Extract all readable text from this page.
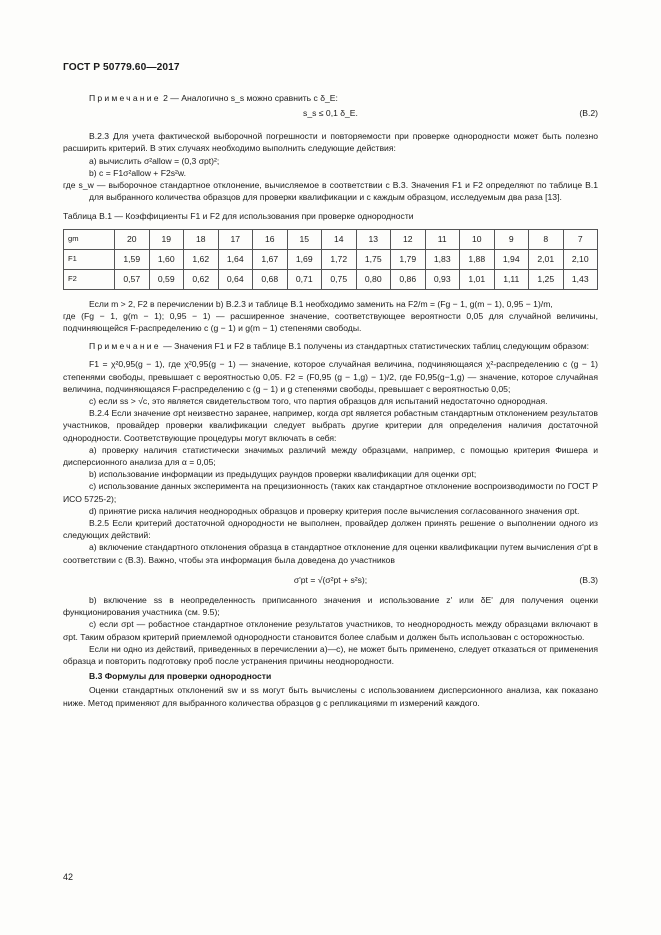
ГОСТ Р 50779.60—2017

Примечание 2 — Аналогично s_s можно сравнить с δ_E:

s_s ≤ 0,1 δ_E.	(B.2)

B.2.3 Для учета фактической выборочной погрешности и повторяемости при проверке однородности может быть полезно расширить критерий. В этих случаях необходимо выполнить следующие действия:

a) вычислить σ²allow = (0,3 σpt)²;

b) c = F1σ²allow + F2s²w.

где s_w — выборочное стандартное отклонение, вычисляемое в соответствии с B.3. Значения F1 и F2 определяют по таблице B.1 для выбранного количества образцов для проверки квалификации и с каждым образцом, исследуемым два раза [13].

Таблица B.1 — Коэффициенты F1 и F2 для использования при проверке однородности

gm	20	19	18	17	16	15	14	13	12	11	10	9	8	7
F1	1,59	1,60	1,62	1,64	1,67	1,69	1,72	1,75	1,79	1,83	1,88	1,94	2,01	2,10
F2	0,57	0,59	0,62	0,64	0,68	0,71	0,75	0,80	0,86	0,93	1,01	1,11	1,25	1,43

Если m > 2, F2 в перечислении b) B.2.3 и таблице B.1 необходимо заменить на F2/m = (Fg − 1, g(m − 1), 0,95 − 1)/m,

где (Fg − 1, g(m − 1); 0,95 − 1) — расширенное значение, соответствующее вероятности 0,05 для случайной величины, подчиняющейся F-распределению с (g − 1) и g(m − 1) степенями свободы.

Примечание — Значения F1 и F2 в таблице B.1 получены из стандартных статистических таблиц следующим образом:

F1 = χ²0,95(g − 1), где χ²0,95(g − 1) — значение, которое случайная величина, подчиняющаяся χ²-распределению с (g − 1) степенями свободы, превышает с вероятностью 0,05. F2 = (F0,95 (g − 1,g) − 1)/2, где F0,95(g−1,g) — значение, которое случайная величина, подчиняющаяся F-распределению с (g − 1) и g степенями свободы, превышает с вероятностью 0,05;

c) если ss > √c, это является свидетельством того, что партия образцов для испытаний недостаточно однородная.

B.2.4 Если значение σpt неизвестно заранее, например, когда σpt является робастным стандартным отклонением результатов участников, провайдер проверки квалификации следует выбрать другие критерии для определения наличия достаточной однородности. Соответствующие процедуры могут включать в себя:

a) проверку наличия статистически значимых различий между образцами, например, с помощью критерия Фишера и дисперсионного анализа для α = 0,05;

b) использование информации из предыдущих раундов проверки квалификации для оценки σpt;

c) использование данных эксперимента на прецизионность (таких как стандартное отклонение воспроизводимости по ГОСТ Р ИСО 5725-2);

d) принятие риска наличия неоднородных образцов и проверку критерия после вычисления согласованного значения σpt.

B.2.5 Если критерий достаточной однородности не выполнен, провайдер должен принять решение о выполнении одного из следующих действий:

a) включение стандартного отклонения образца в стандартное отклонение для оценки квалификации путем вычисления σ'pt в соответствии с (B.3). Важно, чтобы эта информация была доведена до участников

σ'pt = √(σ²pt + s²s);	(B.3)

b) включение ss в неопределенность приписанного значения и использование z' или δE' для получения оценки функционирования участника (см. 9.5);

c) если σpt — робастное стандартное отклонение результатов участников, то неоднородность между образцами включают в σpt. Таким образом критерий приемлемой однородности становится более слабым и должен быть использован с осторожностью.

Если ни одно из действий, приведенных в перечислении a)—c), не может быть применено, следует отказаться от применения образца и повторить подготовку проб после устранения причины неоднородности.

B.3 Формулы для проверки однородности

Оценки стандартных отклонений sw и ss могут быть вычислены с использованием дисперсионного анализа, как показано ниже. Метод применяют для выбранного количества образцов g с репликациями m измерений каждого.

42
